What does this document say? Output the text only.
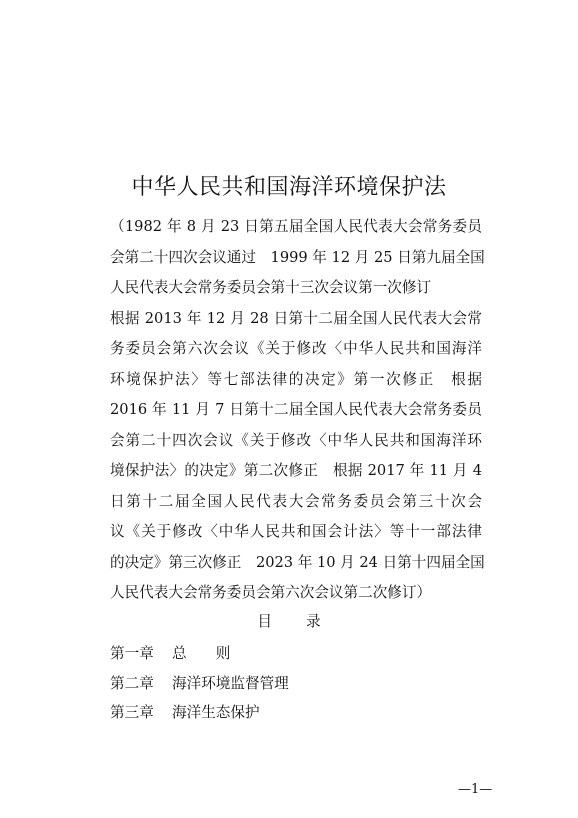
中华人民共和国海洋环境保护法
（1982 年 8 月 23 日第五届全国人民代表大会常务委员
会第二十四次会议通过　1999 年 12 月 25 日第九届全国
人民代表大会常务委员会第十三次会议第一次修订
根据 2013 年 12 月 28 日第十二届全国人民代表大会常
务委员会第六次会议《关于修改〈中华人民共和国海洋
环境保护法〉等七部法律的决定》第一次修正　根据
2016 年 11 月 7 日第十二届全国人民代表大会常务委员
会第二十四次会议《关于修改〈中华人民共和国海洋环
境保护法〉的决定》第二次修正　根据 2017 年 11 月 4
日第十二届全国人民代表大会常务委员会第三十次会
议《关于修改〈中华人民共和国会计法〉等十一部法律
的决定》第三次修正　2023 年 10 月 24 日第十四届全国
人民代表大会常务委员会第六次会议第二次修订）
目 录
第一章 总　　则
第二章 海洋环境监督管理
第三章 海洋生态保护
—1—
